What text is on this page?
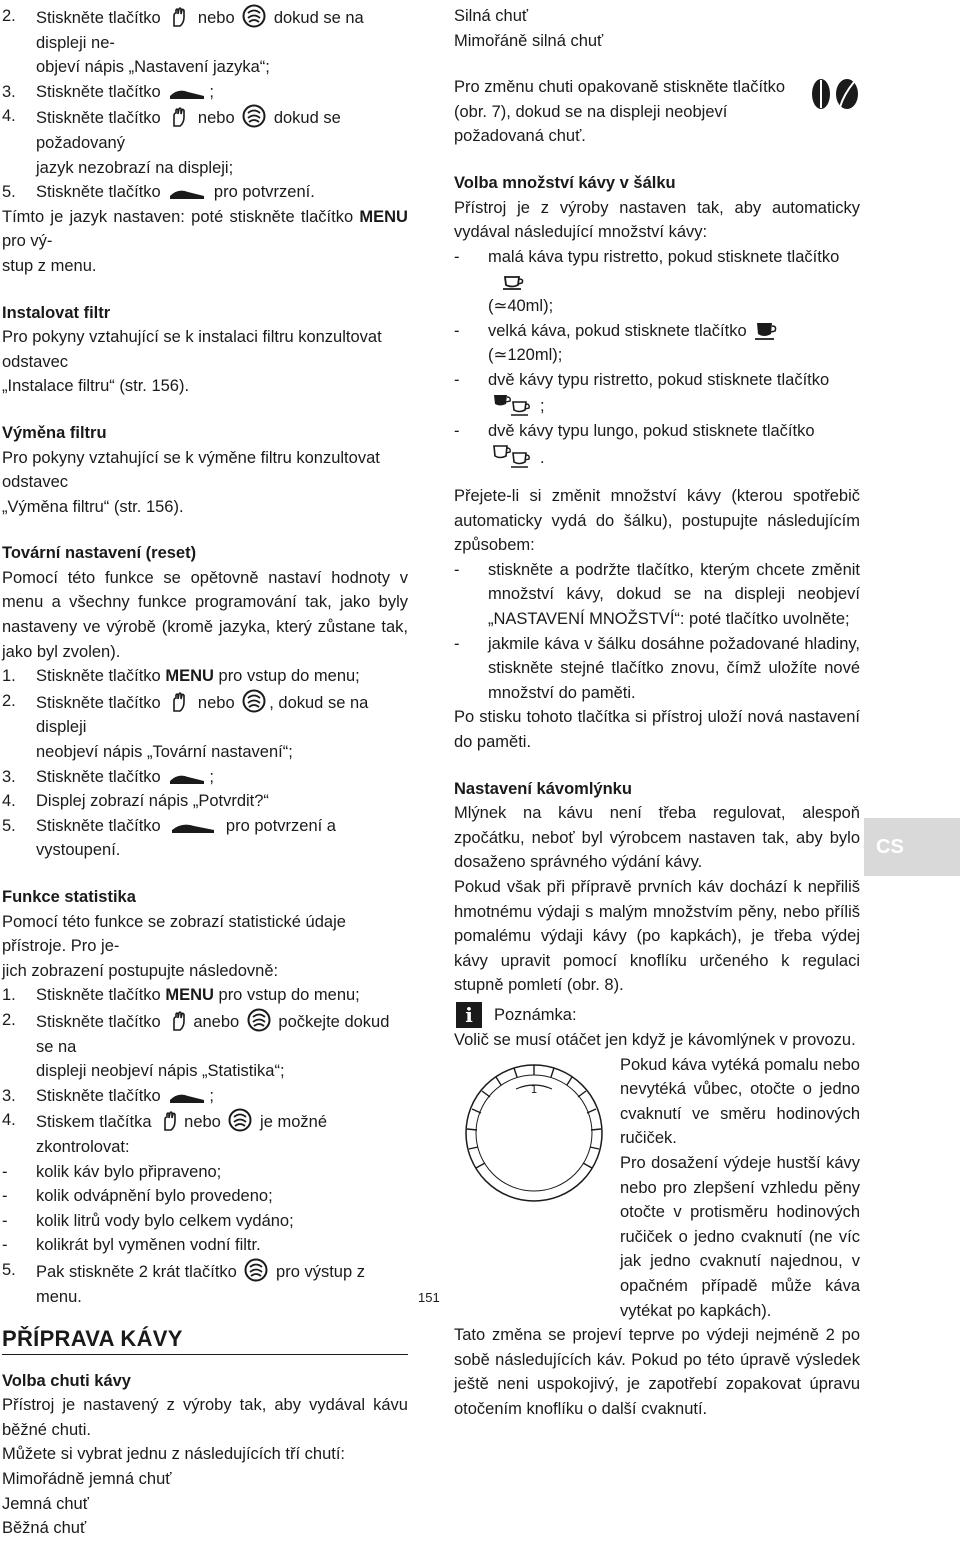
2.	Stiskněte tlačítko nebo dokud se na displeji ne-
objeví nápis „Nastavení jazyka“;
3.	Stiskněte tlačítko	;
4.	Stiskněte tlačítko nebo dokud se požadovaný
jazyk nezobrazí na displeji;
5.	Stiskněte tlačítko	pro potvrzení.

Tímto je jazyk nastaven: poté stiskněte tlačítko MENU pro vý-
stup z menu.

Instalovat filtr

Pro pokyny vztahující se k instalaci filtru konzultovat odstavec
„Instalace filtru“ (str. 156).

Výměna filtru

Pro pokyny vztahující se k výměne filtru konzultovat odstavec
„Výměna filtru“ (str. 156).

Tovární nastavení (reset)

Pomocí této funkce se opětovně nastaví hodnoty v menu a všechny funkce programování tak, jako byly nastaveny ve výrobě (kromě jazyka, který zůstane tak, jako byl zvolen).

1.	Stiskněte tlačítko MENU pro vstup do menu;
2.	Stiskněte tlačítko nebo , dokud se na displeji
neobjeví nápis „Tovární nastavení“;
3.	Stiskněte tlačítko	;
4.	Displej zobrazí nápis „Potvrdit?“
5.	Stiskněte tlačítko	pro potvrzení a vystoupení.

Funkce statistika

Pomocí této funkce se zobrazí statistické údaje přístroje. Pro je-
jich zobrazení postupujte následovně:

1.	Stiskněte tlačítko MENU pro vstup do menu;
2.	Stiskněte tlačítko anebo počkejte dokud se na
displeji neobjeví nápis „Statistika“;
3.	Stiskněte tlačítko	;
4.	Stiskem tlačítka nebo je možné zkontrolovat:
-	kolik káv bylo připraveno;
-	kolik odvápnění bylo provedeno;
-	kolik litrů vody bylo celkem vydáno;
-	kolikrát byl vyměnen vodní filtr.
5.	Pak stiskněte 2 krát tlačítko pro výstup z menu.

PŘÍPRAVA KÁVY

Volba chuti kávy

Přístroj je nastavený z výroby tak, aby vydával kávu běžné chuti.

Můžete si vybrat jednu z následujících tří chutí:

Mimořádně jemná chuť

Jemná chuť

Běžná chuť

Silná chuť

Mimořáně silná chuť

Pro změnu chuti opakovaně stiskněte tlačítko
(obr. 7), dokud se na displeji neobjeví požadovaná chuť.

Volba množství kávy v šálku

Přístroj je z výroby nastaven tak, aby automaticky vydával následující množství kávy:

-	malá káva typu ristretto, pokud stisknete tlačítko

(≃40ml);
-	velká káva, pokud stisknete tlačítko
(≃120ml);
-	dvě kávy typu ristretto, pokud stisknete tlačítko
;
-	dvě kávy typu lungo, pokud stisknete tlačítko
.

Přejete-li si změnit množství kávy (kterou spotřebič automaticky vydá do šálku), postupujte následujícím způsobem:

-	stiskněte a podržte tlačítko, kterým chcete změnit množství kávy, dokud se na displeji neobjeví „NASTAVENÍ MNOŽSTVÍ“: poté tlačítko uvolněte;
-	jakmile káva v šálku dosáhne požadované hladiny, stiskněte stejné tlačítko znovu, čímž uložíte nové množství do paměti.

Po stisku tohoto tlačítka si přístroj uloží nová nastavení do paměti.

Nastavení kávomlýnku

Mlýnek na kávu není třeba regulovat, alespoň zpočátku, neboť byl výrobcem nastaven tak, aby bylo dosaženo správného výdání kávy.

Pokud však při přípravě prvních káv dochází k nepřiliš hmotnému výdaji s malým množstvím pěny, nebo příliš pomalému výdaji kávy (po kapkách), je třeba výdej kávy upravit pomocí knoflíku určeného k regulaci stupně pomletí (obr. 8).

i	Poznámka:

Volič se musí otáčet jen když je kávomlýnek v provozu.

1

Pokud káva vytéká pomalu nebo nevytéká vůbec, otočte o jedno cvaknutí ve směru hodinových ručiček.

Pro dosažení výdeje hustší kávy nebo pro zlepšení vzhledu pěny otočte v protisměru hodinových ručiček o jedno cvaknutí (ne víc jak jedno cvaknutí najednou, v opačném případě může káva vytékat po kapkách).

Tato změna se projeví teprve po výdeji nejméně 2 po sobě následujících káv. Pokud po této úpravě výsledek ještě neni uspokojivý, je zapotřebí zopakovat úpravu otočením knoflíku o další cvaknutí.

CS
151
